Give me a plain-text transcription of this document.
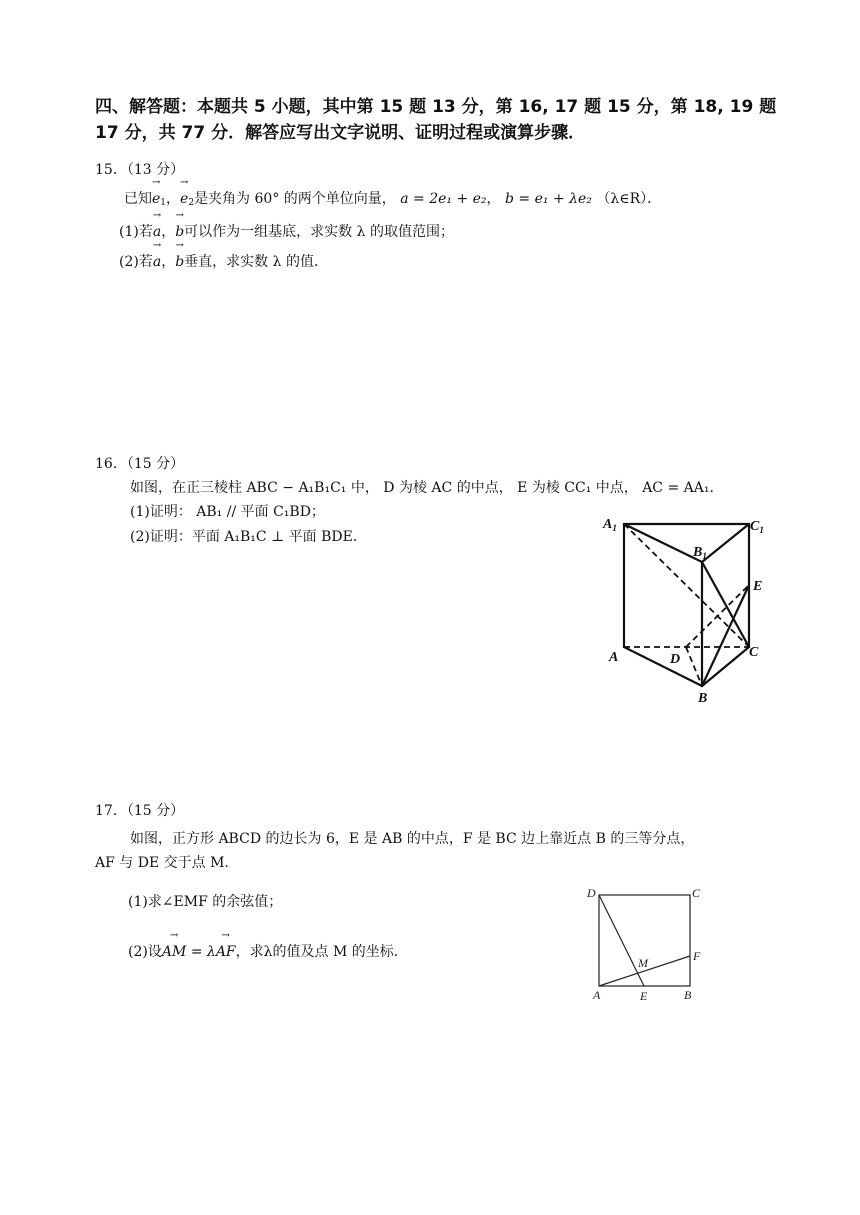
四、解答题：本题共 5 小题，其中第 15 题 13 分，第 16, 17 题 15 分，第 18, 19 题 17 分，共 77 分．解答应写出文字说明、证明过程或演算步骤．
15．（13 分）
已知→ $e_1$，→ $e_2$是夹角为 60° 的两个单位向量， a = 2e₁ + e₂， b = e₁ + λe₂ （λ∈R）．
(1)若→ a，→ b可以作为一组基底，求实数 λ 的取值范围；
(2)若→ a，→ b垂直，求实数 λ 的值．
16．（15 分）
如图，在正三棱柱 ABC − A₁B₁C₁ 中， D 为棱 AC 的中点， E 为棱 CC₁ 中点， AC = AA₁．
(1)证明： AB₁ // 平面 C₁BD；
(2)证明：平面 A₁B₁C ⊥ 平面 BDE．
$A_1$	$C_1$
$B_1$
E
A	D	C
B
17．（15 分）
如图，正方形 ABCD 的边长为 6，E 是 AB 的中点，F 是 BC 边上靠近点 B 的三等分点，
AF 与 DE 交于点 M.
(1)求∠EMF 的余弦值；
(2)设→ AM = λ→ AF，求λ的值及点 M 的坐标．
D	C
M	F
A	E	B
